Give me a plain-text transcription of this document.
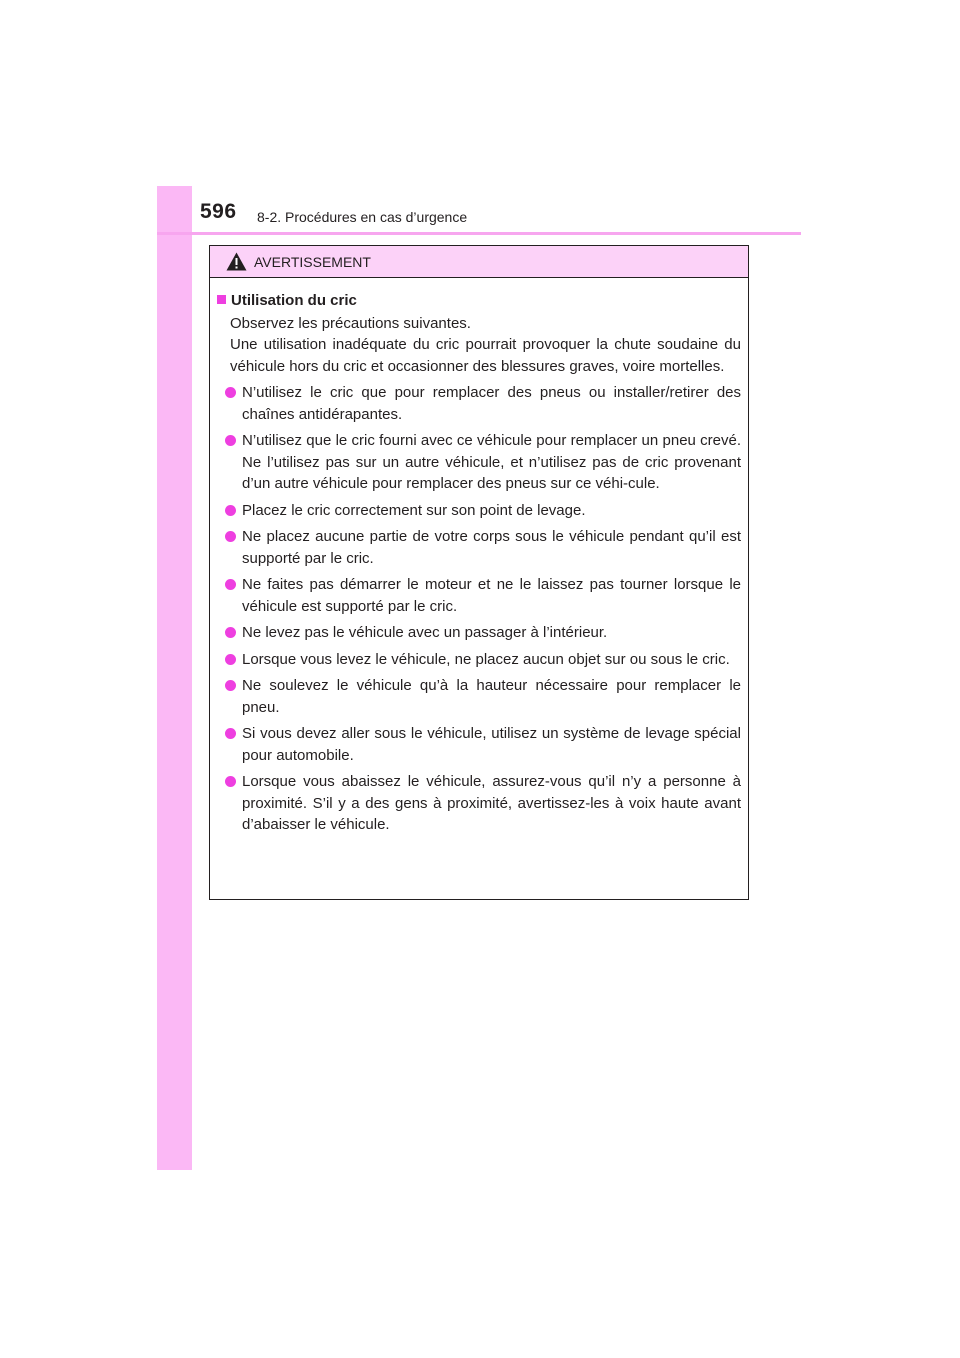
596 8-2. Procédures en cas d’urgence
AVERTISSEMENT
Utilisation du cric
Observez les précautions suivantes.
Une utilisation inadéquate du cric pourrait provoquer la chute soudaine du véhicule hors du cric et occasionner des blessures graves, voire mortelles.
N’utilisez le cric que pour remplacer des pneus ou installer/retirer des chaînes antidérapantes.
N’utilisez que le cric fourni avec ce véhicule pour remplacer un pneu crevé. Ne l’utilisez pas sur un autre véhicule, et n’utilisez pas de cric provenant d’un autre véhicule pour remplacer des pneus sur ce véhi-cule.
Placez le cric correctement sur son point de levage.
Ne placez aucune partie de votre corps sous le véhicule pendant qu’il est supporté par le cric.
Ne faites pas démarrer le moteur et ne le laissez pas tourner lorsque le véhicule est supporté par le cric.
Ne levez pas le véhicule avec un passager à l’intérieur.
Lorsque vous levez le véhicule, ne placez aucun objet sur ou sous le cric.
Ne soulevez le véhicule qu’à la hauteur nécessaire pour remplacer le pneu.
Si vous devez aller sous le véhicule, utilisez un système de levage spécial pour automobile.
Lorsque vous abaissez le véhicule, assurez-vous qu’il n’y a personne à proximité. S’il y a des gens à proximité, avertissez-les à voix haute avant d’abaisser le véhicule.
